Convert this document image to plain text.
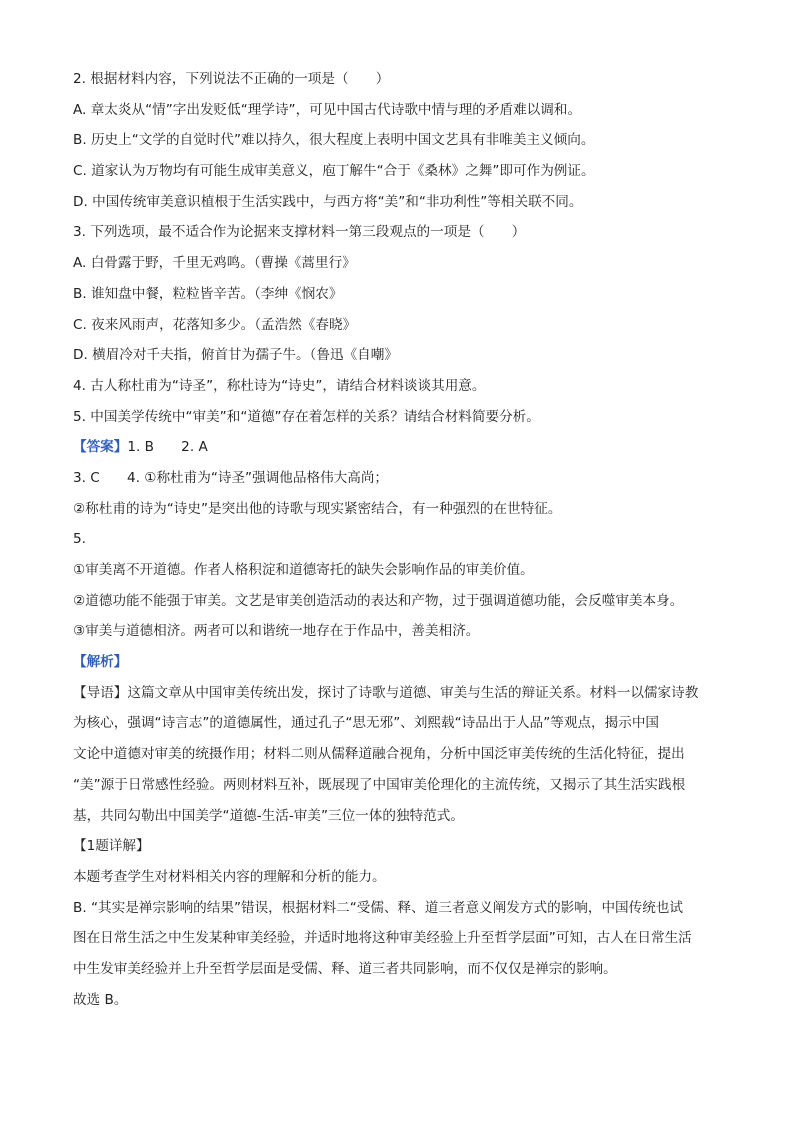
2. 根据材料内容，下列说法不正确的一项是（　　）
A. 章太炎从“情”字出发贬低“理学诗”，可见中国古代诗歌中情与理的矛盾难以调和。
B. 历史上“文学的自觉时代”难以持久，很大程度上表明中国文艺具有非唯美主义倾向。
C. 道家认为万物均有可能生成审美意义，庖丁解牛“合于《桑林》之舞”即可作为例证。
D. 中国传统审美意识植根于生活实践中，与西方将“美”和“非功利性”等相关联不同。
3. 下列选项，最不适合作为论据来支撑材料一第三段观点的一项是（　　）
A. 白骨露于野，千里无鸡鸣。（曹操《蒿里行》
B. 谁知盘中餐，粒粒皆辛苦。（李绅《悯农》
C. 夜来风雨声，花落知多少。（孟浩然《春晓》
D. 横眉冷对千夫指，俯首甘为孺子牛。（鲁迅《自嘲》
4. 古人称杜甫为“诗圣”，称杜诗为“诗史”，请结合材料谈谈其用意。
5. 中国美学传统中“审美”和“道德”存在着怎样的关系？请结合材料简要分析。
【答案】1. B　　2. A
3. C　　4. ①称杜甫为“诗圣”强调他品格伟大高尚；
②称杜甫的诗为“诗史”是突出他的诗歌与现实紧密结合，有一种强烈的在世特征。
5.
①审美离不开道德。作者人格积淀和道德寄托的缺失会影响作品的审美价值。
②道德功能不能强于审美。文艺是审美创造活动的表达和产物，过于强调道德功能，会反噬审美本身。
③审美与道德相济。两者可以和谐统一地存在于作品中，善美相济。
【解析】
【导语】这篇文章从中国审美传统出发，探讨了诗歌与道德、审美与生活的辩证关系。材料一以儒家诗教
为核心，强调“诗言志”的道德属性，通过孔子“思无邪”、刘熙载“诗品出于人品”等观点，揭示中国
文论中道德对审美的统摄作用；材料二则从儒释道融合视角，分析中国泛审美传统的生活化特征，提出
“美”源于日常感性经验。两则材料互补，既展现了中国审美伦理化的主流传统，又揭示了其生活实践根
基，共同勾勒出中国美学“道德-生活-审美”三位一体的独特范式。
【1题详解】
本题考查学生对材料相关内容的理解和分析的能力。
B. “其实是禅宗影响的结果”错误，根据材料二“受儒、释、道三者意义阐发方式的影响，中国传统也试
图在日常生活之中生发某种审美经验，并适时地将这种审美经验上升至哲学层面”可知，古人在日常生活
中生发审美经验并上升至哲学层面是受儒、释、道三者共同影响，而不仅仅是禅宗的影响。
故选 B。
